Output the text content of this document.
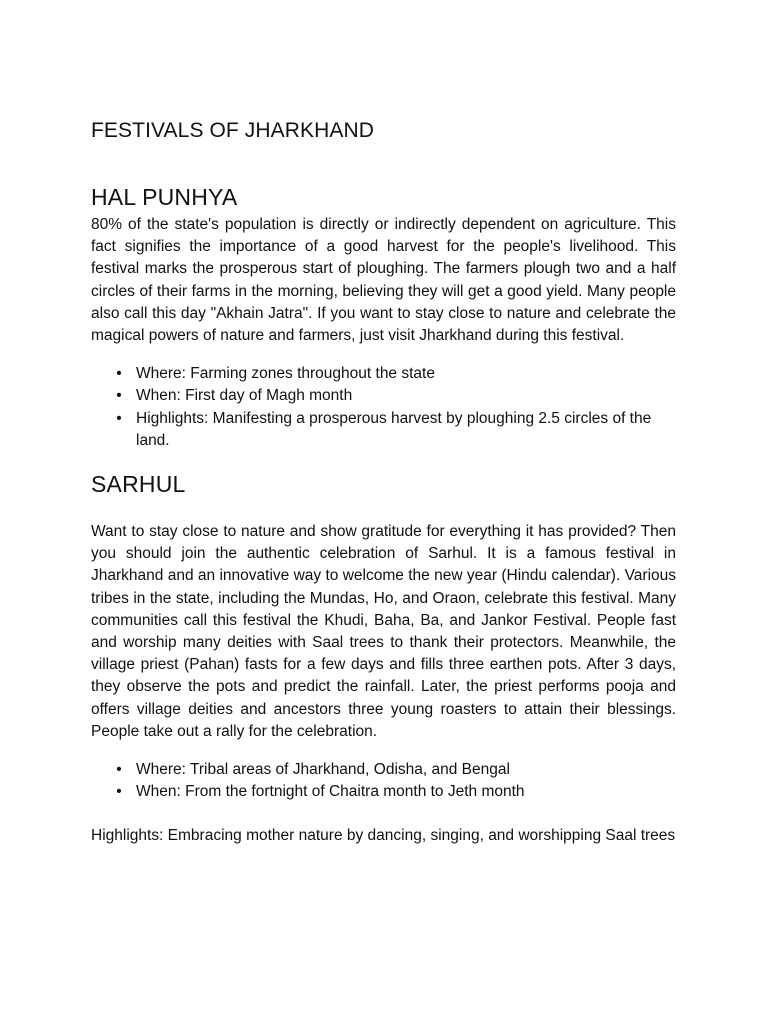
FESTIVALS OF JHARKHAND
HAL PUNHYA

80% of the state's population is directly or indirectly dependent on agriculture. This fact signifies the importance of a good harvest for the people's livelihood. This festival marks the prosperous start of ploughing. The farmers plough two and a half circles of their farms in the morning, believing they will get a good yield. Many people also call this day "Akhain Jatra". If you want to stay close to nature and celebrate the magical powers of nature and farmers, just visit Jharkhand during this festival.

• Where: Farming zones throughout the state
• When: First day of Magh month
• Highlights: Manifesting a prosperous harvest by ploughing 2.5 circles of the land.
SARHUL

Want to stay close to nature and show gratitude for everything it has provided? Then you should join the authentic celebration of Sarhul. It is a famous festival in Jharkhand and an innovative way to welcome the new year (Hindu calendar). Various tribes in the state, including the Mundas, Ho, and Oraon, celebrate this festival. Many communities call this festival the Khudi, Baha, Ba, and Jankor Festival. People fast and worship many deities with Saal trees to thank their protectors. Meanwhile, the village priest (Pahan) fasts for a few days and fills three earthen pots. After 3 days, they observe the pots and predict the rainfall. Later, the priest performs pooja and offers village deities and ancestors three young roasters to attain their blessings. People take out a rally for the celebration.

• Where: Tribal areas of Jharkhand, Odisha, and Bengal
• When: From the fortnight of Chaitra month to Jeth month

Highlights: Embracing mother nature by dancing, singing, and worshipping Saal trees
